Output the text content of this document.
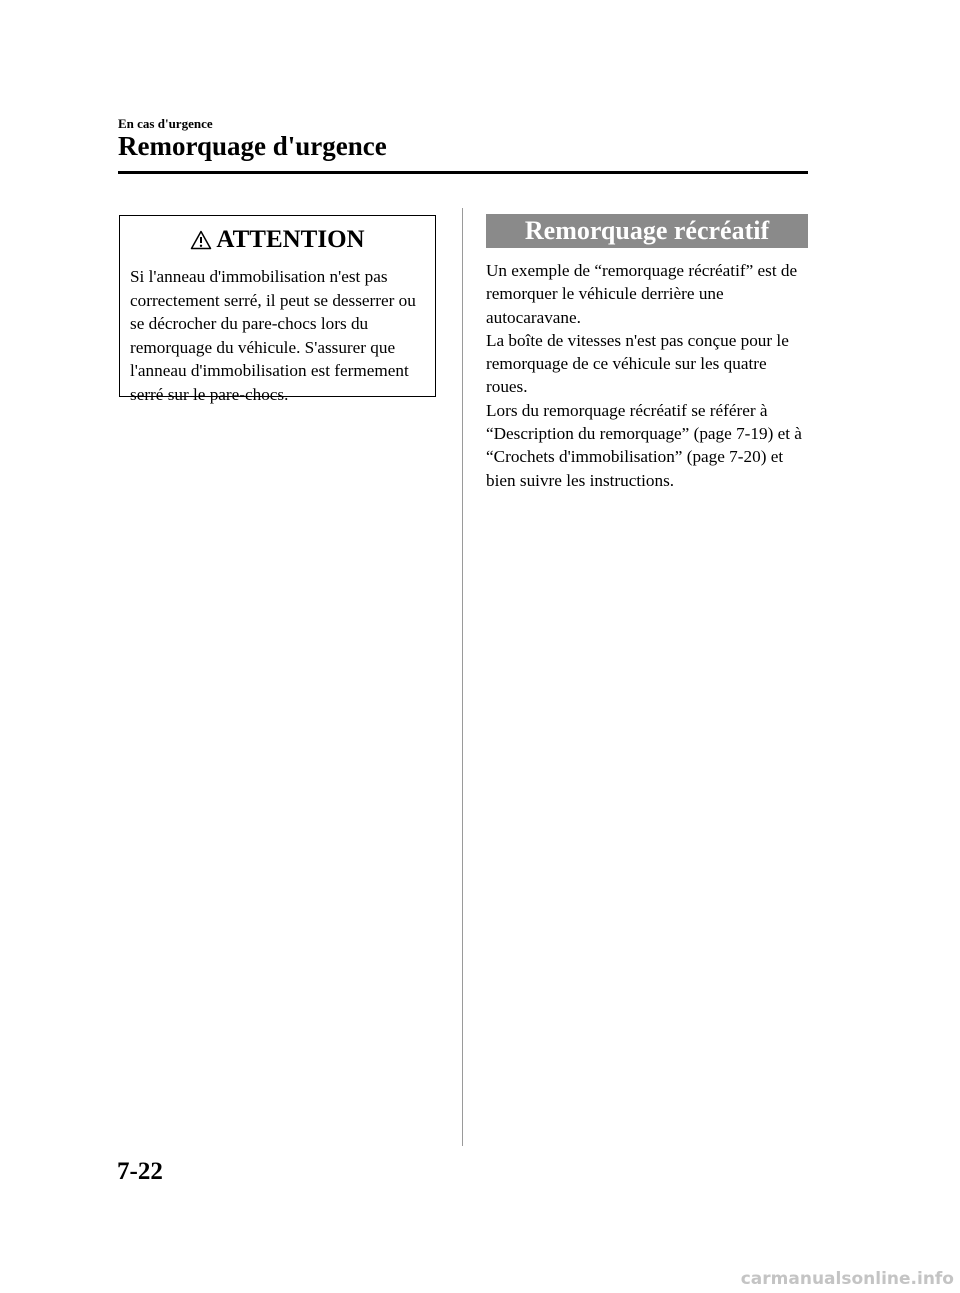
En cas d'urgence
Remorquage d'urgence
ATTENTION
Si l'anneau d'immobilisation n'est pas correctement serré, il peut se desserrer ou se décrocher du pare-chocs lors du remorquage du véhicule. S'assurer que l'anneau d'immobilisation est fermement serré sur le pare-chocs.
Remorquage récréatif

Un exemple de “remorquage récréatif” est de remorquer le véhicule derrière une autocaravane.

La boîte de vitesses n'est pas conçue pour le remorquage de ce véhicule sur les quatre roues.

Lors du remorquage récréatif se référer à “Description du remorquage” (page 7-19) et à “Crochets d'immobilisation” (page 7-20) et bien suivre les instructions.

7-22
carmanualsonline.info
